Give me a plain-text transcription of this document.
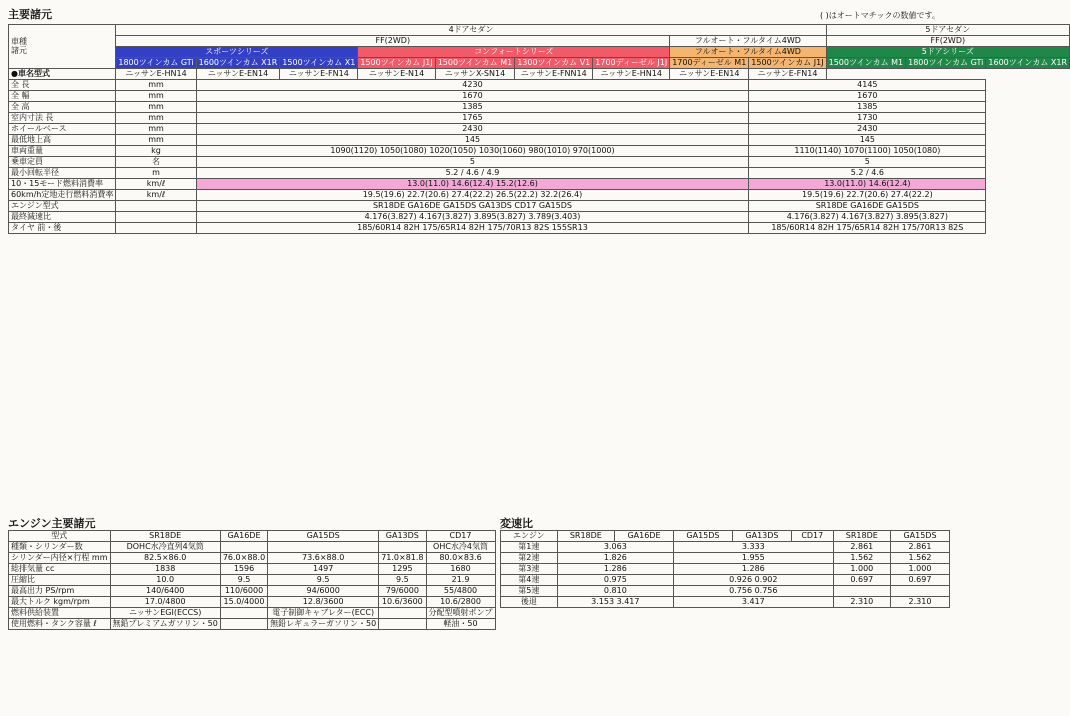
主要諸元	( )はオートマチックの数値です。
車種
諸元	4ドアセダン									5ドアセダン		
	FF(2WD)							フルオート・フルタイム4WD		FF(2WD)		
	スポーツシリーズ			コンフォートシリーズ				フルオート・フルタイム4WD		5ドアシリーズ		
	1800ツインカム GTi	1600ツインカム X1R	1500ツインカム X1	1500ツインカム J1J	1500ツインカム M1	1300ツインカム V1	1700ディーゼル J1J	1700ディーゼル M1	1500ツインカム J1J	1500ツインカム M1	1800ツインカム GTi	1600ツインカム X1R
●車名型式	ニッサンE-HN14	ニッサンE-EN14	ニッサンE-FN14	ニッサンE-N14	ニッサンX-SN14	ニッサンE-FNN14	ニッサンE-HN14	ニッサンE-EN14	ニッサンE-FN14			
全 長	mm	4230							4145			
全 幅	mm	1670							1670			
全 高	mm	1385							1385			
室内寸法 長	mm	1765							1730			
ホイールベース	mm	2430							2430			
最低地上高	mm	145							145			
車両重量	kg	1090(1120) 1050(1080) 1020(1050) 1030(1060) 980(1010) 970(1000)							1110(1140) 1070(1100) 1050(1080)			
乗車定員	名	5							5			
最小回転半径	m	5.2 / 4.6 / 4.9							5.2 / 4.6			
10・15モード燃料消費率	km/ℓ	13.0(11.0) 14.6(12.4) 15.2(12.6)							13.0(11.0) 14.6(12.4)			
60km/h定地走行燃料消費率	km/ℓ	19.5(19.6) 22.7(20.6) 27.4(22.2) 26.5(22.2) 32.2(26.4)							19.5(19.6) 22.7(20.6) 27.4(22.2)			
エンジン型式		SR18DE GA16DE GA15DS GA13DS CD17 GA15DS							SR18DE GA16DE GA15DS			
最終減速比		4.176(3.827) 4.167(3.827) 3.895(3.827) 3.789(3.403)							4.176(3.827) 4.167(3.827) 3.895(3.827)			
タイヤ 前・後		185/60R14 82H 175/65R14 82H 175/70R13 82S 155SR13							185/60R14 82H 175/65R14 82H 175/70R13 82S			
エンジン主要諸元
型式	SR18DE	GA16DE	GA15DS	GA13DS	CD17
種類・シリンダー数	DOHC水冷直列4気筒				OHC水冷4気筒
シリンダー内径×行程 mm	82.5×86.0	76.0×88.0	73.6×88.0	71.0×81.8	80.0×83.6
総排気量 cc	1838	1596	1497	1295	1680
圧縮比	10.0	9.5	9.5	9.5	21.9
最高出力 PS/rpm	140/6400	110/6000	94/6000	79/6000	55/4800
最大トルク kgm/rpm	17.0/4800	15.0/4000	12.8/3600	10.6/3600	10.6/2800
燃料供給装置	ニッサンEGI(ECCS)		電子制御キャブレター(ECC)		分配型噴射ポンプ
使用燃料・タンク容量 ℓ	無鉛プレミアムガソリン・50		無鉛レギュラーガソリン・50		軽油・50
変速比
エンジン	SR18DE	GA16DE	GA15DS	GA13DS	CD17	SR18DE	GA15DS
第1速	3.063		3.333			2.861	2.861
第2速	1.826		1.955			1.562	1.562
第3速	1.286		1.286			1.000	1.000
第4速	0.975		0.926 0.902			0.697	0.697
第5速	0.810		0.756 0.756				
後退	3.153 3.417		3.417			2.310	2.310
